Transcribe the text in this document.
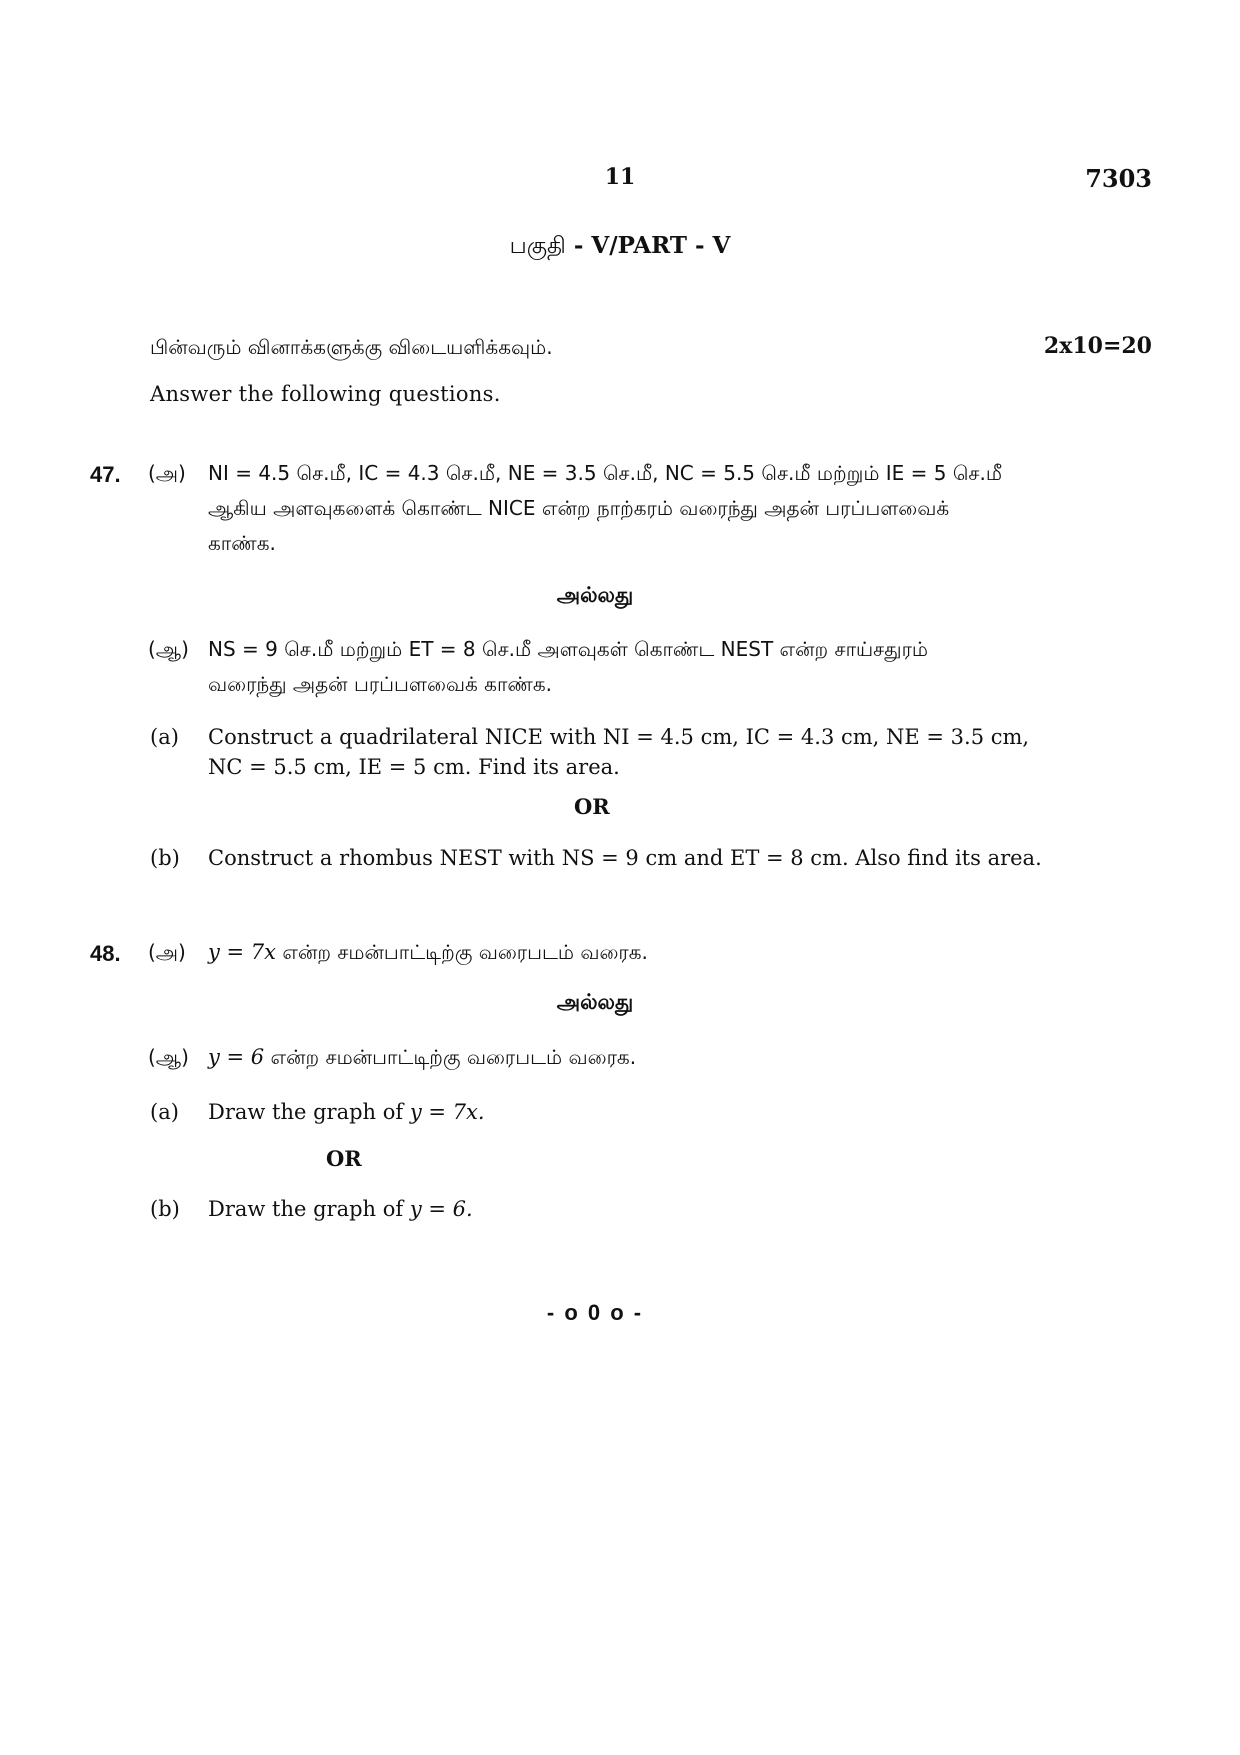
11	7303
பகுதி - V/PART - V
பின்வரும் வினாக்களுக்கு விடையளிக்கவும்.	2x10=20
Answer the following questions.
47. (அ) NI = 4.5 செ.மீ, IC = 4.3 செ.மீ, NE = 3.5 செ.மீ, NC = 5.5 செ.மீ மற்றும் IE = 5 செ.மீ
ஆகிய அளவுகளைக் கொண்ட NICE என்ற நாற்கரம் வரைந்து அதன் பரப்பளவைக்
காண்க.
அல்லது
(ஆ) NS = 9 செ.மீ மற்றும் ET = 8 செ.மீ அளவுகள் கொண்ட NEST என்ற சாய்சதுரம்
வரைந்து அதன் பரப்பளவைக் காண்க.
(a) Construct a quadrilateral NICE with NI = 4.5 cm, IC = 4.3 cm, NE = 3.5 cm,
NC = 5.5 cm, IE = 5 cm. Find its area.
OR
(b) Construct a rhombus NEST with NS = 9 cm and ET = 8 cm. Also find its area.
48. (அ) y = 7x என்ற சமன்பாட்டிற்கு வரைபடம் வரைக.
அல்லது
(ஆ) y = 6 என்ற சமன்பாட்டிற்கு வரைபடம் வரைக.
(a) Draw the graph of y = 7x.
OR
(b) Draw the graph of y = 6.
- o 0 o -
